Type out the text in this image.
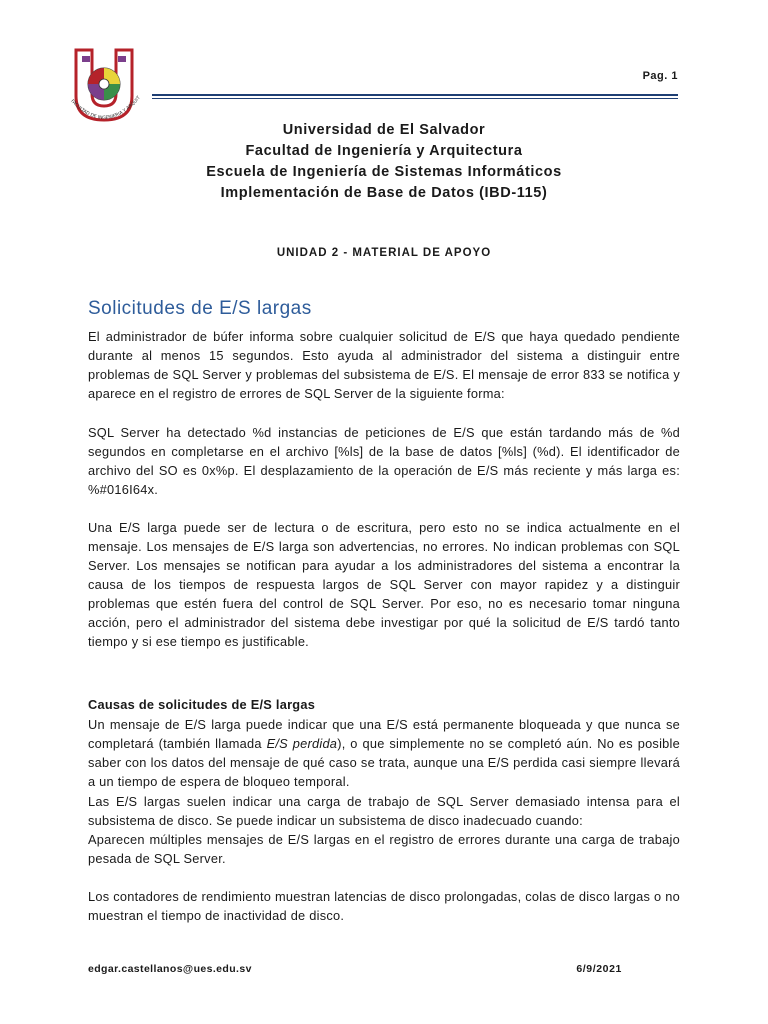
FACULTAD DE INGENIERIA Y ARQUIT
Pag. 1
Universidad de El Salvador
Facultad de Ingeniería y Arquitectura
Escuela de Ingeniería de Sistemas Informáticos
Implementación de Base de Datos (IBD-115)
UNIDAD 2 - MATERIAL DE APOYO
Solicitudes de E/S largas

El administrador de búfer informa sobre cualquier solicitud de E/S que haya quedado pendiente durante al menos 15 segundos. Esto ayuda al administrador del sistema a distinguir entre problemas de SQL Server y problemas del subsistema de E/S. El mensaje de error 833 se notifica y aparece en el registro de errores de SQL Server de la siguiente forma:

SQL Server ha detectado %d instancias de peticiones de E/S que están tardando más de %d segundos en completarse en el archivo [%ls] de la base de datos [%ls] (%d). El identificador de archivo del SO es 0x%p. El desplazamiento de la operación de E/S más reciente y más larga es: %#016I64x.

Una E/S larga puede ser de lectura o de escritura, pero esto no se indica actualmente en el mensaje. Los mensajes de E/S larga son advertencias, no errores. No indican problemas con SQL Server. Los mensajes se notifican para ayudar a los administradores del sistema a encontrar la causa de los tiempos de respuesta largos de SQL Server con mayor rapidez y a distinguir problemas que estén fuera del control de SQL Server. Por eso, no es necesario tomar ninguna acción, pero el administrador del sistema debe investigar por qué la solicitud de E/S tardó tanto tiempo y si ese tiempo es justificable.

Causas de solicitudes de E/S largas

Un mensaje de E/S larga puede indicar que una E/S está permanente bloqueada y que nunca se completará (también llamada E/S perdida), o que simplemente no se completó aún. No es posible saber con los datos del mensaje de qué caso se trata, aunque una E/S perdida casi siempre llevará a un tiempo de espera de bloqueo temporal.

Las E/S largas suelen indicar una carga de trabajo de SQL Server demasiado intensa para el subsistema de disco. Se puede indicar un subsistema de disco inadecuado cuando:

Aparecen múltiples mensajes de E/S largas en el registro de errores durante una carga de trabajo pesada de SQL Server.

Los contadores de rendimiento muestran latencias de disco prolongadas, colas de disco largas o no muestran el tiempo de inactividad de disco.

edgar.castellanos@ues.edu.sv	6/9/2021
